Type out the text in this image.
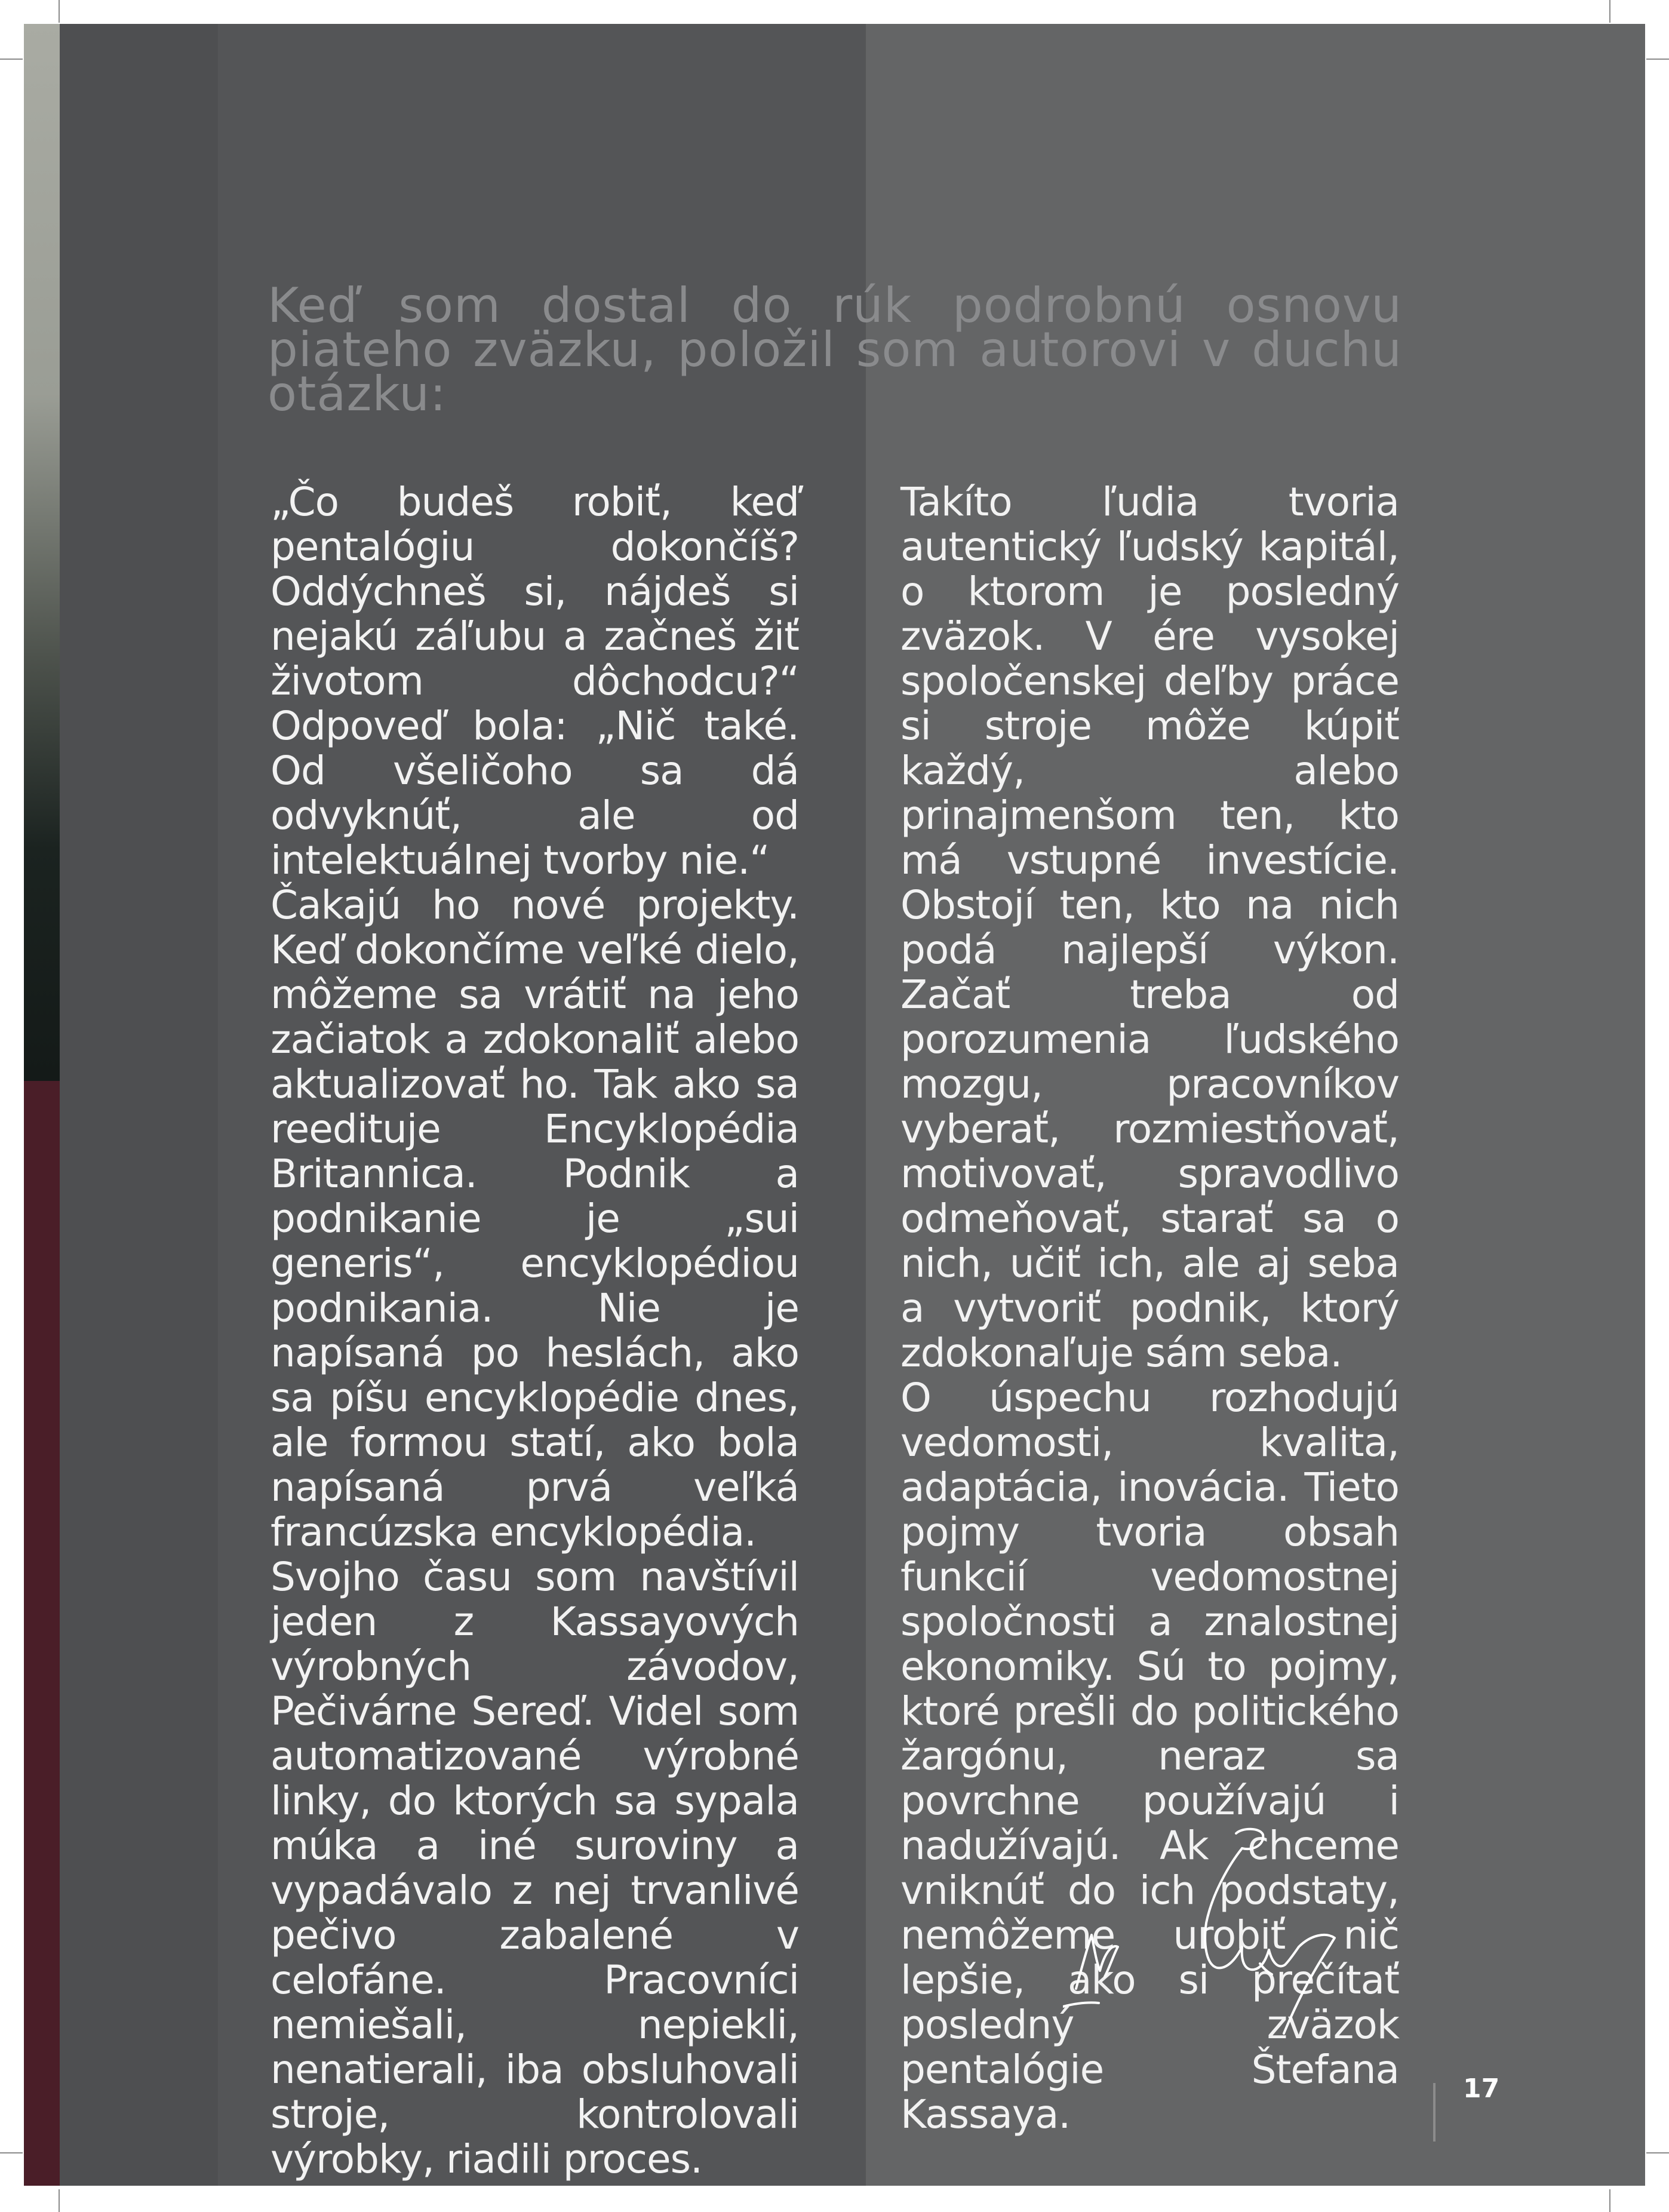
Keď som dostal do rúk podrobnú osnovu piateho zväzku, položil som autorovi v duchu otázku:

„Čo budeš robiť, keď pentalógiu dokončíš? Oddýchneš si, nájdeš si nejakú záľubu a začneš žiť životom dôchodcu?“ Odpoveď bola: „Nič také. Od všeličoho sa dá odvyknúť, ale od intelektuálnej tvorby nie.“

Čakajú ho nové projekty. Keď dokončíme veľké dielo, môžeme sa vrátiť na jeho začiatok a zdokonaliť alebo aktualizovať ho. Tak ako sa reedituje Encyklopédia Britannica. Podnik a podnikanie je „sui generis“, encyklopédiou podnikania. Nie je napísaná po heslách, ako sa píšu encyklopédie dnes, ale formou statí, ako bola napísaná prvá veľká francúzska encyklopédia.

Svojho času som navštívil jeden z Kassayových výrobných závodov, Pečivárne Sereď. Videl som automatizované výrobné linky, do ktorých sa sypala múka a iné suroviny a vypadávalo z nej trvanlivé pečivo zabalené v celofáne. Pracovníci nemiešali, nepiekli, nenatierali, iba obsluhovali stroje, kontrolovali výrobky, riadili proces.

Takíto ľudia tvoria autentický ľudský kapitál, o ktorom je posledný zväzok. V ére vysokej spoločenskej deľby práce si stroje môže kúpiť každý, alebo prinajmenšom ten, kto má vstupné investície. Obstojí ten, kto na nich podá najlepší výkon. Začať treba od porozumenia ľudského mozgu, pracovníkov vyberať, rozmiestňovať, motivovať, spravodlivo odmeňovať, starať sa o nich, učiť ich, ale aj seba a vytvoriť podnik, ktorý zdokonaľuje sám seba.

O úspechu rozhodujú vedomosti, kvalita, adaptácia, inovácia. Tieto pojmy tvoria obsah funkcií vedomostnej spoločnosti a znalostnej ekonomiky. Sú to pojmy, ktoré prešli do politického žargónu, neraz sa povrchne používajú i nadužívajú. Ak chceme vniknúť do ich podstaty, nemôžeme urobiť nič lepšie, ako si prečítať posledný zväzok pentalógie Štefana Kassaya.

17
